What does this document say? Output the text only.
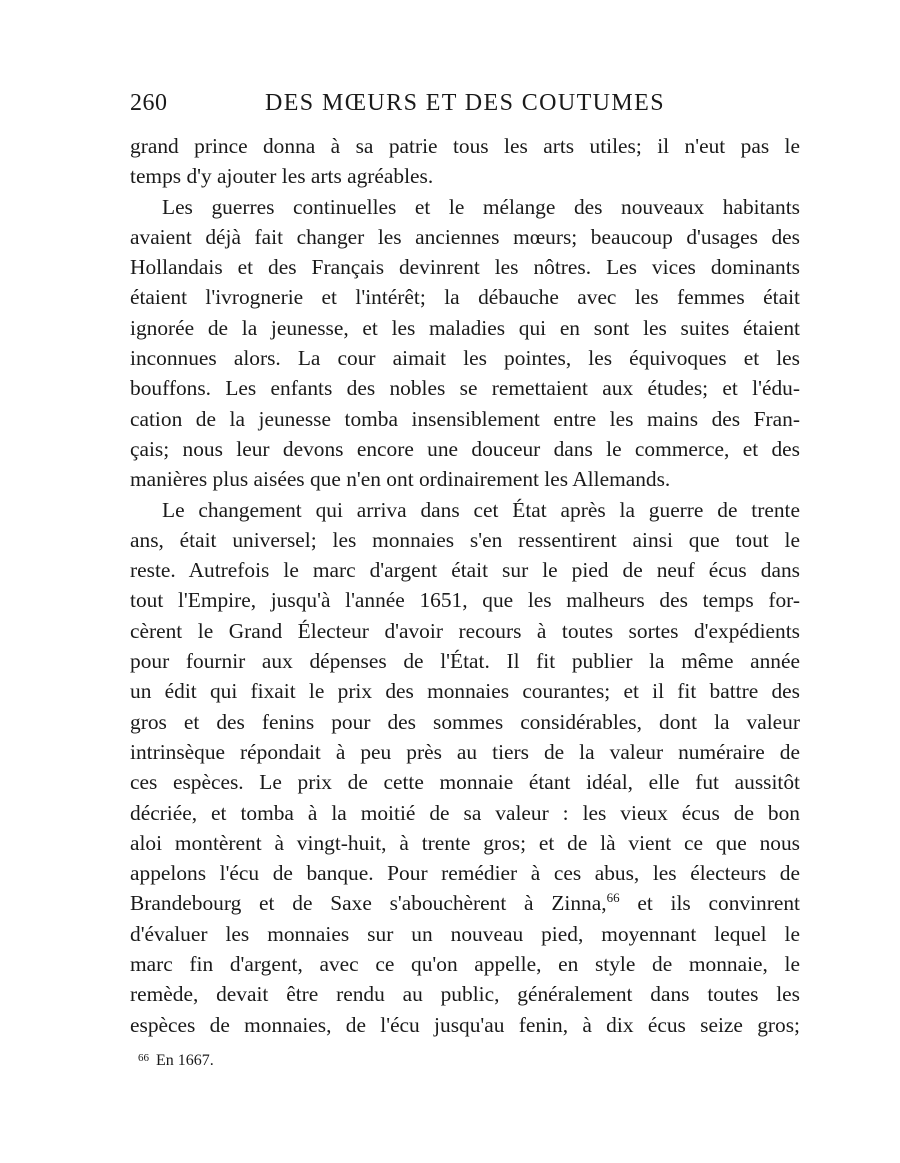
260	DES MŒURS ET DES COUTUMES
grand prince donna à sa patrie tous les arts utiles; il n'eut pas le
temps d'y ajouter les arts agréables.
Les guerres continuelles et le mélange des nouveaux habitants
avaient déjà fait changer les anciennes mœurs; beaucoup d'usages des
Hollandais et des Français devinrent les nôtres. Les vices dominants
étaient l'ivrognerie et l'intérêt; la débauche avec les femmes était
ignorée de la jeunesse, et les maladies qui en sont les suites étaient
inconnues alors. La cour aimait les pointes, les équivoques et les
bouffons. Les enfants des nobles se remettaient aux études; et l'édu-
cation de la jeunesse tomba insensiblement entre les mains des Fran-
çais; nous leur devons encore une douceur dans le commerce, et des
manières plus aisées que n'en ont ordinairement les Allemands.
Le changement qui arriva dans cet État après la guerre de trente
ans, était universel; les monnaies s'en ressentirent ainsi que tout le
reste. Autrefois le marc d'argent était sur le pied de neuf écus dans
tout l'Empire, jusqu'à l'année 1651, que les malheurs des temps for-
cèrent le Grand Électeur d'avoir recours à toutes sortes d'expédients
pour fournir aux dépenses de l'État. Il fit publier la même année
un édit qui fixait le prix des monnaies courantes; et il fit battre des
gros et des fenins pour des sommes considérables, dont la valeur
intrinsèque répondait à peu près au tiers de la valeur numéraire de
ces espèces. Le prix de cette monnaie étant idéal, elle fut aussitôt
décriée, et tomba à la moitié de sa valeur : les vieux écus de bon
aloi montèrent à vingt-huit, à trente gros; et de là vient ce que nous
appelons l'écu de banque. Pour remédier à ces abus, les électeurs de
Brandebourg et de Saxe s'abouchèrent à Zinna,$^{66}$ et ils convinrent
d'évaluer les monnaies sur un nouveau pied, moyennant lequel le
marc fin d'argent, avec ce qu'on appelle, en style de monnaie, le
remède, devait être rendu au public, généralement dans toutes les
espèces de monnaies, de l'écu jusqu'au fenin, à dix écus seize gros;
$^{66}$ En 1667.
